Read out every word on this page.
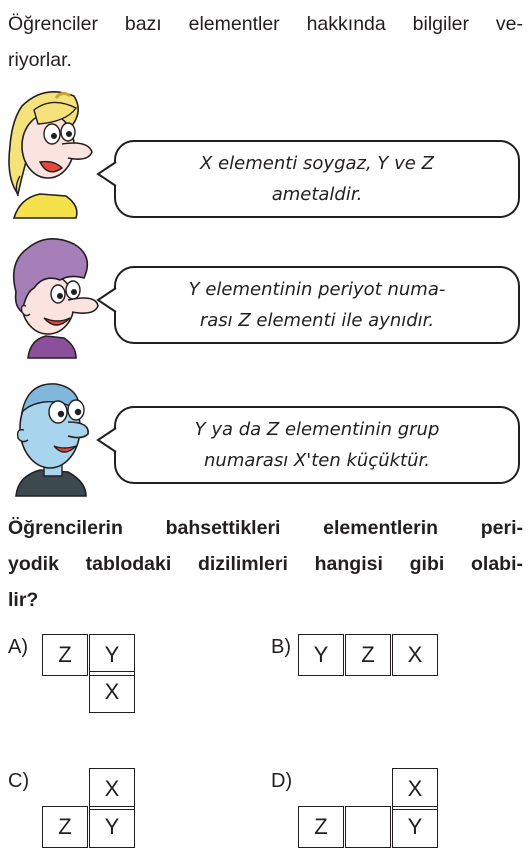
Öğrenciler bazı elementler hakkında bilgiler ve-
riyorlar.
X elementi soygaz, Y ve Z
ametaldir.
Y elementinin periyot numa-
rası Z elementi ile aynıdır.
Y ya da Z elementinin grup
numarası X'ten küçüktür.
Öğrencilerin bahsettikleri elementlerin peri-
yodik tablodaki dizilimleri hangisi gibi olabi-
lir?
A)	Z	Y
X
B)	Y	Z	X
C)	X
Z	Y
D)	X
Z	Y
